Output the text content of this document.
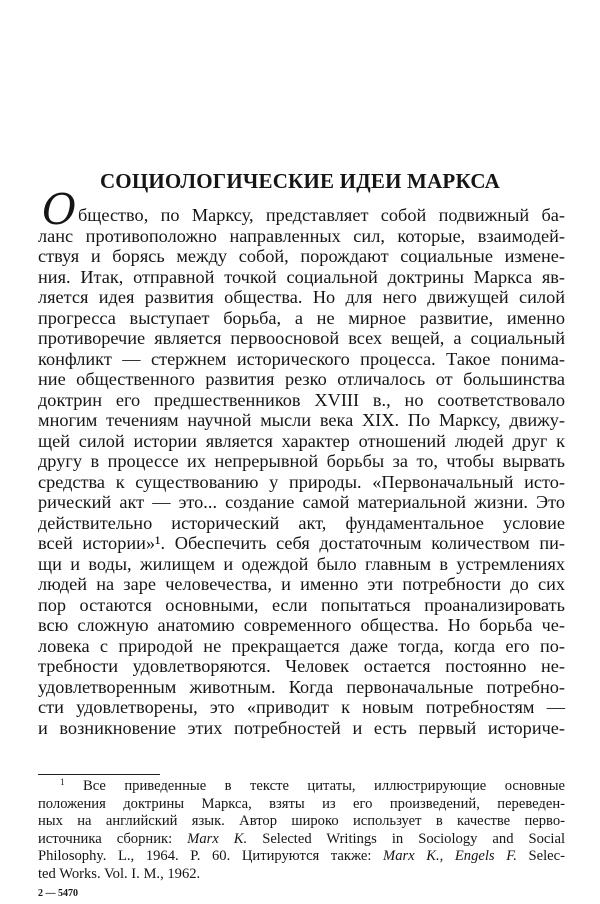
СОЦИОЛОГИЧЕСКИЕ ИДЕИ МАРКСА
О бщество, по Марксу, представляет собой подвижный ба-
ланс противоположно направленных сил, которые, взаимодей-
ствуя и борясь между собой, порождают социальные измене-
ния. Итак, отправной точкой социальной доктрины Маркса яв-
ляется идея развития общества. Но для него движущей силой
прогресса выступает борьба, а не мирное развитие, именно
противоречие является первоосновой всех вещей, а социальный
конфликт — стержнем исторического процесса. Такое понима-
ние общественного развития резко отличалось от большинства
доктрин его предшественников XVIII в., но соответствовало
многим течениям научной мысли века XIX. По Марксу, движу-
щей силой истории является характер отношений людей друг к
другу в процессе их непрерывной борьбы за то, чтобы вырвать
средства к существованию у природы. «Первоначальный исто-
рический акт — это... создание самой материальной жизни. Это
действительно исторический акт, фундаментальное условие
всей истории»¹. Обеспечить себя достаточным количеством пи-
щи и воды, жилищем и одеждой было главным в устремлениях
людей на заре человечества, и именно эти потребности до сих
пор остаются основными, если попытаться проанализировать
всю сложную анатомию современного общества. Но борьба че-
ловека с природой не прекращается даже тогда, когда его по-
требности удовлетворяются. Человек остается постоянно не-
удовлетворенным животным. Когда первоначальные потребно-
сти удовлетворены, это «приводит к новым потребностям —
и возникновение этих потребностей и есть первый историче-
$^1$ Все приведенные в тексте цитаты, иллюстрирующие основные
положения доктрины Маркса, взяты из его произведений, переведен-
ных на английский язык. Автор широко использует в качестве перво-
источника сборник: Marx K. Selected Writings in Sociology and Social
Philosophy. L., 1964. P. 60. Цитируются также: Marx K., Engels F. Selec-
ted Works. Vol. I. M., 1962.
2 — 5470
